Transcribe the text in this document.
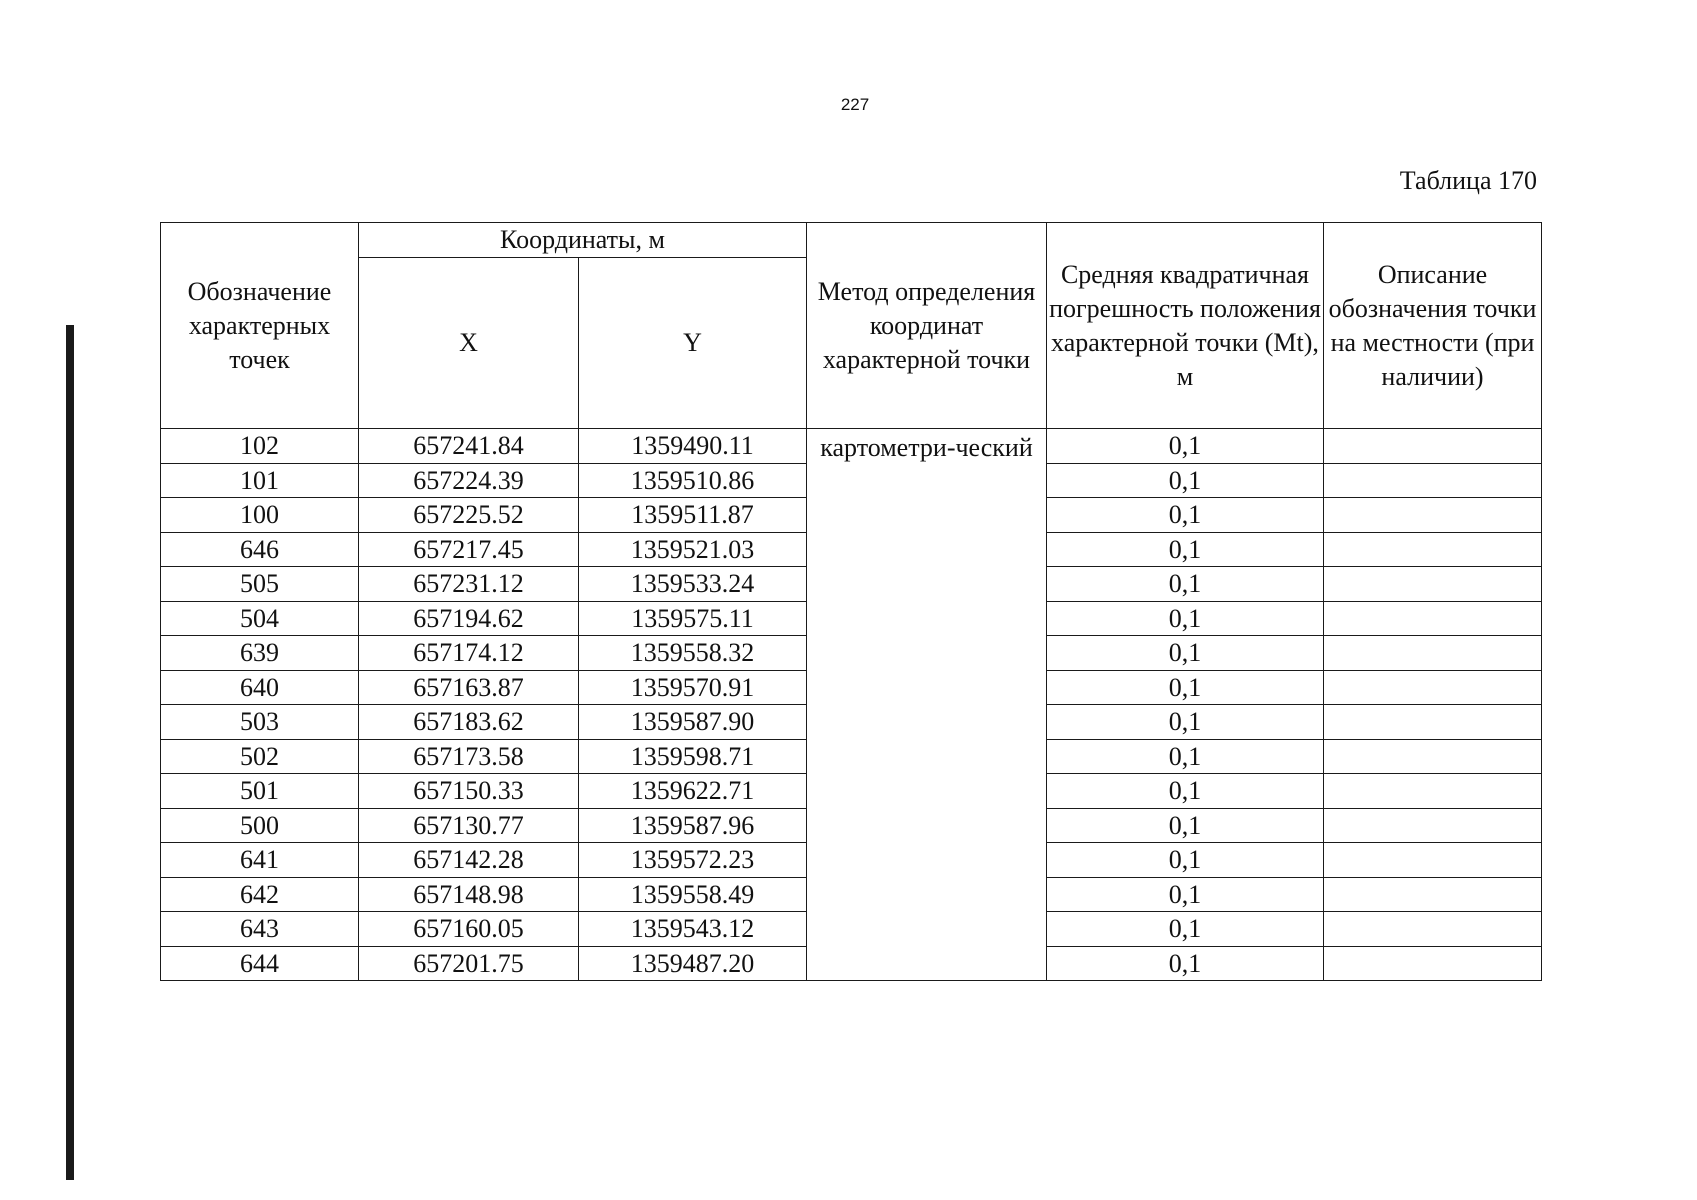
227
Таблица 170
Обозначение характерных точек	Координаты, м		Метод определения координат характерной точки	Средняя квадратичная погрешность положения характерной точки (Mt), м	Описание обозначения точки на местности (при наличии)
	X	Y			
102	657241.84	1359490.11	картометри-ческий	0,1	
101	657224.39	1359510.86		0,1	
100	657225.52	1359511.87		0,1	
646	657217.45	1359521.03		0,1	
505	657231.12	1359533.24		0,1	
504	657194.62	1359575.11		0,1	
639	657174.12	1359558.32		0,1	
640	657163.87	1359570.91		0,1	
503	657183.62	1359587.90		0,1	
502	657173.58	1359598.71		0,1	
501	657150.33	1359622.71		0,1	
500	657130.77	1359587.96		0,1	
641	657142.28	1359572.23		0,1	
642	657148.98	1359558.49		0,1	
643	657160.05	1359543.12		0,1	
644	657201.75	1359487.20		0,1	
